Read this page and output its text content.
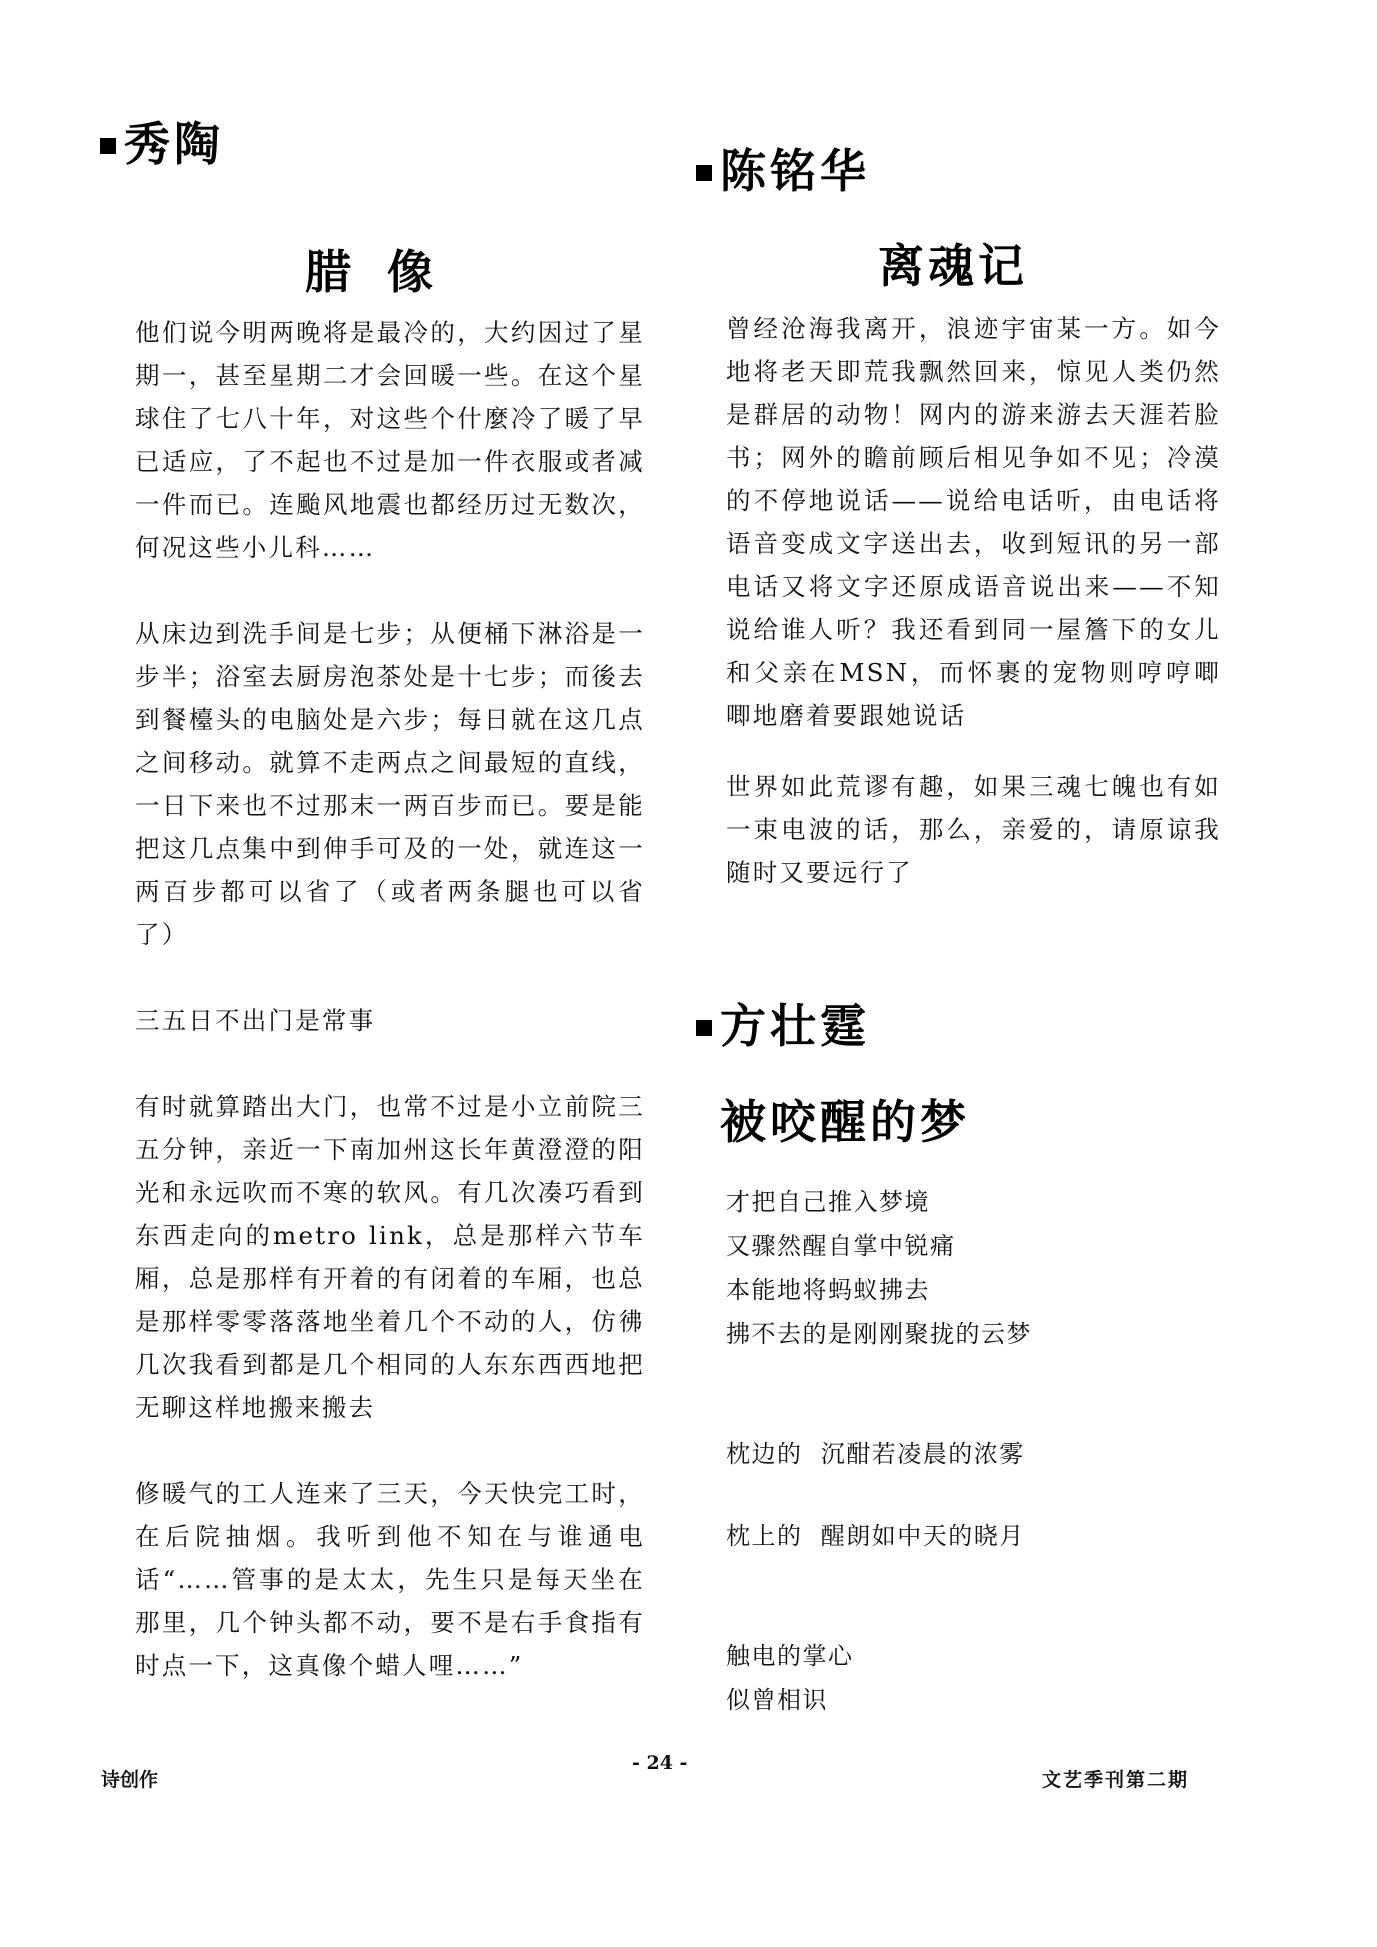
秀陶
腊 像

他们说今明两晚将是最冷的，大约因过了星期一，甚至星期二才会回暖一些。在这个星球住了七八十年，对这些个什麼冷了暖了早已适应，了不起也不过是加一件衣服或者减一件而已。连颱风地震也都经历过无数次，何况这些小儿科……

从床边到洗手间是七步；从便桶下淋浴是一步半；浴室去厨房泡茶处是十七步；而後去到餐檯头的电脑处是六步；每日就在这几点之间移动。就算不走两点之间最短的直线，一日下来也不过那末一两百步而已。要是能把这几点集中到伸手可及的一处，就连这一两百步都可以省了（或者两条腿也可以省了）

三五日不出门是常事

有时就算踏出大门，也常不过是小立前院三五分钟，亲近一下南加州这长年黄澄澄的阳光和永远吹而不寒的软风。有几次凑巧看到东西走向的metro link，总是那样六节车厢，总是那样有开着的有闭着的车厢，也总是那样零零落落地坐着几个不动的人，仿彿几次我看到都是几个相同的人东东西西地把无聊这样地搬来搬去

修暖气的工人连来了三天，今天快完工时，在后院抽烟。我听到他不知在与谁通电话“……管事的是太太，先生只是每天坐在那里，几个钟头都不动，要不是右手食指有时点一下，这真像个蜡人哩……”

陈铭华
离魂记

曾经沧海我离开，浪迹宇宙某一方。如今地将老天即荒我飘然回来，惊见人类仍然是群居的动物！网内的游来游去天涯若脸书；网外的瞻前顾后相见争如不见；冷漠的不停地说话——说给电话听，由电话将语音变成文字送出去，收到短讯的另一部电话又将文字还原成语音说出来——不知说给谁人听？我还看到同一屋簷下的女儿和父亲在MSN，而怀裹的宠物则哼哼唧唧地磨着要跟她说话

世界如此荒谬有趣，如果三魂七魄也有如一束电波的话，那么，亲爱的，请原谅我随时又要远行了

方壮霆
被咬醒的梦

才把自己推入梦境

又骤然醒自掌中锐痛

本能地将蚂蚁拂去

拂不去的是刚刚聚拢的云梦

枕边的  沉酣若凌晨的浓雾

枕上的  醒朗如中天的晓月

触电的掌心

似曾相识

诗创作
- 24 -
文艺季刊第二期
